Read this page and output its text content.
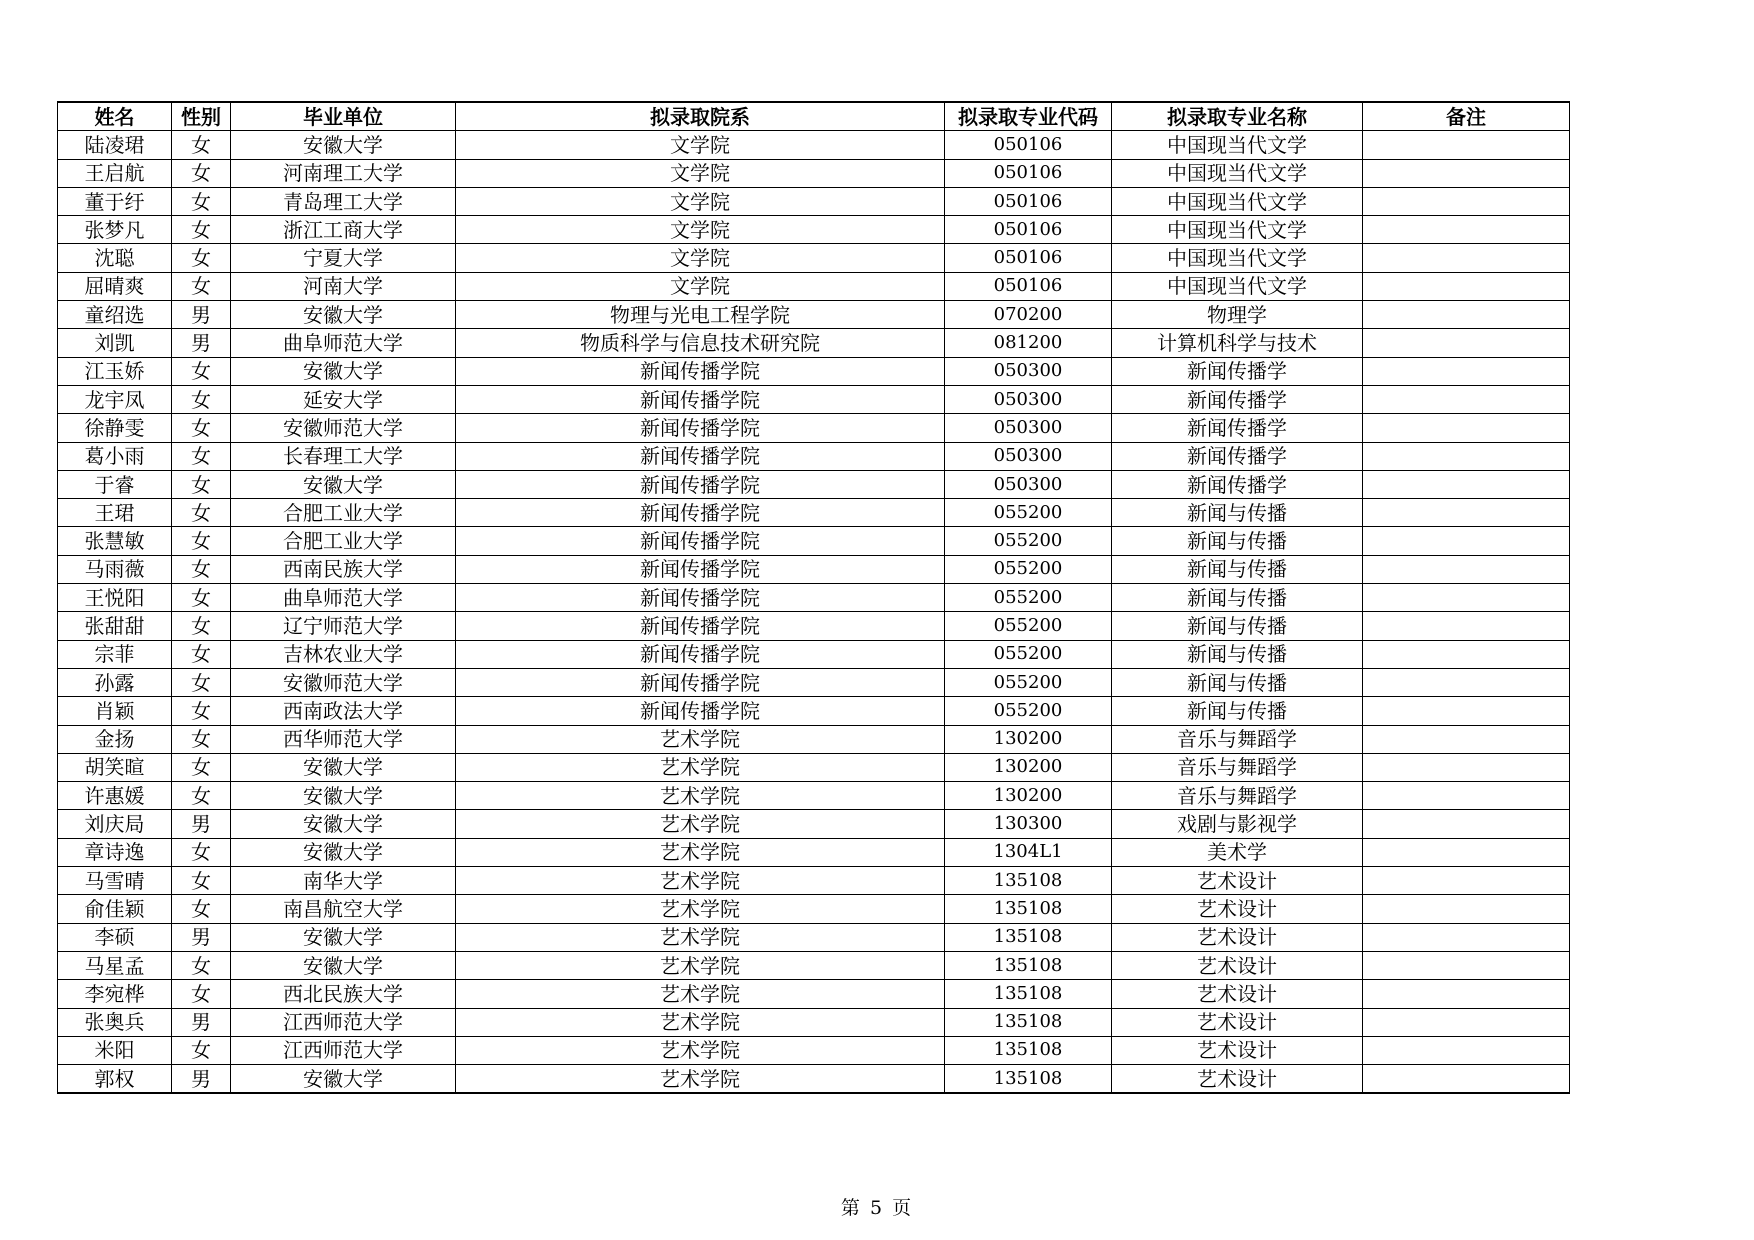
姓名	性别	毕业单位	拟录取院系	拟录取专业代码	拟录取专业名称	备注
陆凌珺	女	安徽大学	文学院	050106	中国现当代文学	
王启航	女	河南理工大学	文学院	050106	中国现当代文学	
董于纡	女	青岛理工大学	文学院	050106	中国现当代文学	
张梦凡	女	浙江工商大学	文学院	050106	中国现当代文学	
沈聪	女	宁夏大学	文学院	050106	中国现当代文学	
屈晴爽	女	河南大学	文学院	050106	中国现当代文学	
童绍选	男	安徽大学	物理与光电工程学院	070200	物理学	
刘凯	男	曲阜师范大学	物质科学与信息技术研究院	081200	计算机科学与技术	
江玉娇	女	安徽大学	新闻传播学院	050300	新闻传播学	
龙宇凤	女	延安大学	新闻传播学院	050300	新闻传播学	
徐静雯	女	安徽师范大学	新闻传播学院	050300	新闻传播学	
葛小雨	女	长春理工大学	新闻传播学院	050300	新闻传播学	
于睿	女	安徽大学	新闻传播学院	050300	新闻传播学	
王珺	女	合肥工业大学	新闻传播学院	055200	新闻与传播	
张慧敏	女	合肥工业大学	新闻传播学院	055200	新闻与传播	
马雨薇	女	西南民族大学	新闻传播学院	055200	新闻与传播	
王悦阳	女	曲阜师范大学	新闻传播学院	055200	新闻与传播	
张甜甜	女	辽宁师范大学	新闻传播学院	055200	新闻与传播	
宗菲	女	吉林农业大学	新闻传播学院	055200	新闻与传播	
孙露	女	安徽师范大学	新闻传播学院	055200	新闻与传播	
肖颖	女	西南政法大学	新闻传播学院	055200	新闻与传播	
金扬	女	西华师范大学	艺术学院	130200	音乐与舞蹈学	
胡笑暄	女	安徽大学	艺术学院	130200	音乐与舞蹈学	
许惠媛	女	安徽大学	艺术学院	130200	音乐与舞蹈学	
刘庆局	男	安徽大学	艺术学院	130300	戏剧与影视学	
章诗逸	女	安徽大学	艺术学院	1304L1	美术学	
马雪晴	女	南华大学	艺术学院	135108	艺术设计	
俞佳颖	女	南昌航空大学	艺术学院	135108	艺术设计	
李硕	男	安徽大学	艺术学院	135108	艺术设计	
马星孟	女	安徽大学	艺术学院	135108	艺术设计	
李宛桦	女	西北民族大学	艺术学院	135108	艺术设计	
张奥兵	男	江西师范大学	艺术学院	135108	艺术设计	
米阳	女	江西师范大学	艺术学院	135108	艺术设计	
郭权	男	安徽大学	艺术学院	135108	艺术设计	
第 5 页
